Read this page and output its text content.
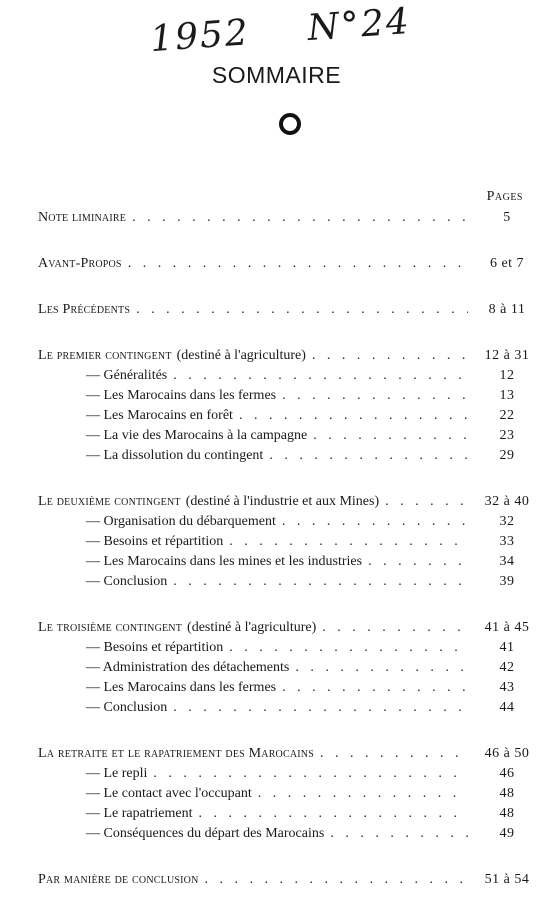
1952 N°24
SOMMAIRE
Pages
Note liminaire . . .	5
Avant-Propos . . .	6 et 7
Les Précédents . . .	8 à 11
Le premier contingent (destiné à l'agriculture) . . .	12 à 31
— Généralités . . .	12
— Les Marocains dans les fermes . . .	13
— Les Marocains en forêt . . .	22
— La vie des Marocains à la campagne . . .	23
— La dissolution du contingent . . .	29
Le deuxième contingent (destiné à l'industrie et aux Mines) . . .	32 à 40
— Organisation du débarquement . . .	32
— Besoins et répartition . . .	33
— Les Marocains dans les mines et les industries . . .	34
— Conclusion . . .	39
Le troisième contingent (destiné à l'agriculture) . . .	41 à 45
— Besoins et répartition . . .	41
— Administration des détachements . . .	42
— Les Marocains dans les fermes . . .	43
— Conclusion . . .	44
La retraite et le rapatriement des Marocains . . .	46 à 50
— Le repli . . .	46
— Le contact avec l'occupant . . .	48
— Le rapatriement . . .	48
— Conséquences du départ des Marocains . . .	49
Par manière de conclusion . . .	51 à 54
